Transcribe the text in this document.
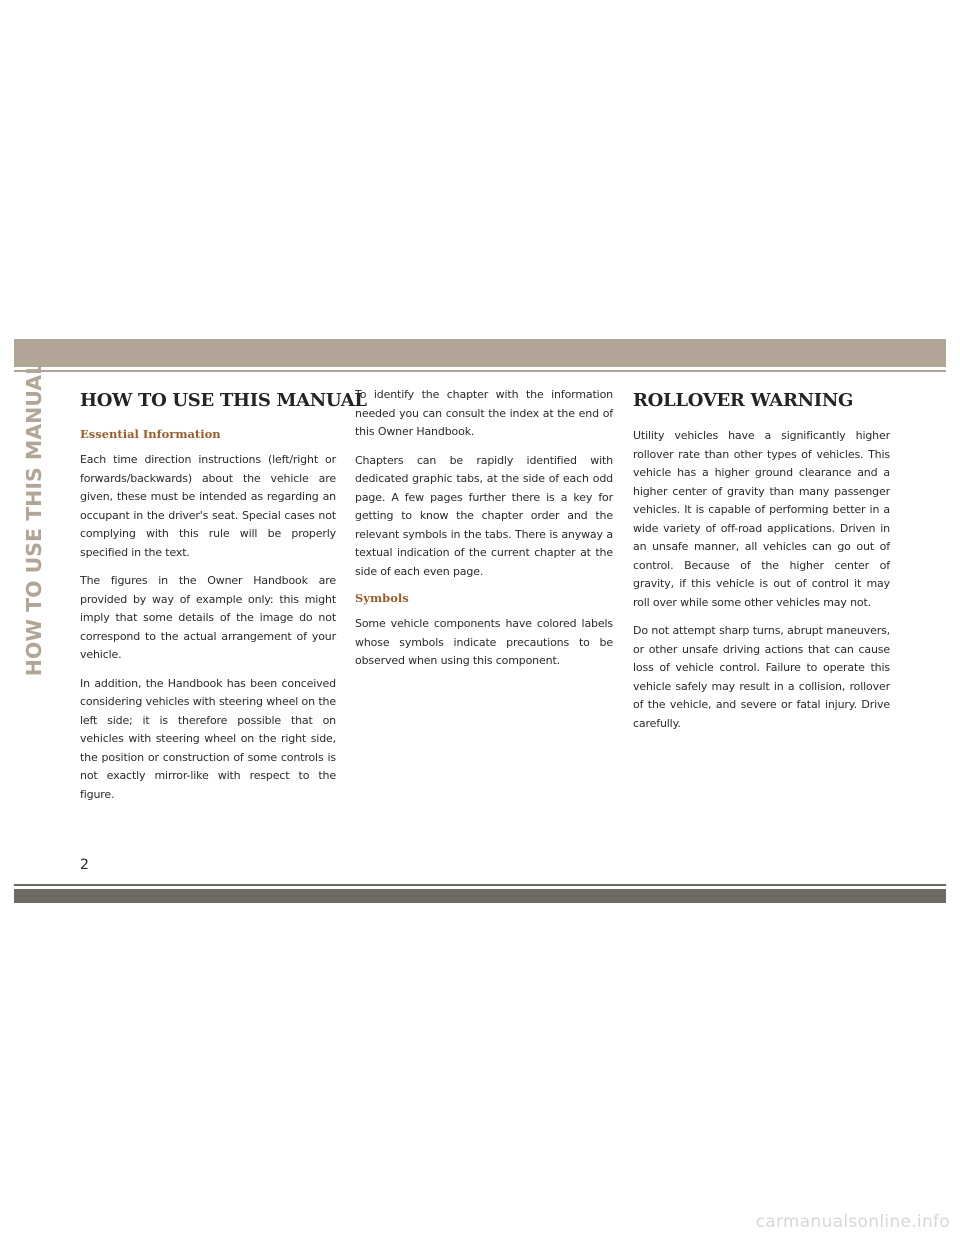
HOW TO USE THIS MANUAL HOW TO USE THIS MANUAL
Essential Information

Each time direction instructions (left/right or forwards/backwards) about the vehicle are given, these must be intended as regarding an occupant in the driver's seat. Special cases not complying with this rule will be properly specified in the text.

The figures in the Owner Handbook are provided by way of example only: this might imply that some details of the image do not correspond to the actual arrangement of your vehicle.

In addition, the Handbook has been conceived considering vehicles with steering wheel on the left side; it is therefore possible that on vehicles with steering wheel on the right side, the position or construction of some controls is not exactly mirror-like with respect to the figure.

To identify the chapter with the information needed you can consult the index at the end of this Owner Handbook.

Chapters can be rapidly identified with dedicated graphic tabs, at the side of each odd page. A few pages further there is a key for getting to know the chapter order and the relevant symbols in the tabs. There is anyway a textual indication of the current chapter at the side of each even page.

Symbols

Some vehicle components have colored labels whose symbols indicate precautions to be observed when using this component.

ROLLOVER WARNING

Utility vehicles have a significantly higher rollover rate than other types of vehicles. This vehicle has a higher ground clearance and a higher center of gravity than many passenger vehicles. It is capable of performing better in a wide variety of off-road applications. Driven in an unsafe manner, all vehicles can go out of control. Because of the higher center of gravity, if this vehicle is out of control it may roll over while some other vehicles may not.

Do not attempt sharp turns, abrupt maneuvers, or other unsafe driving actions that can cause loss of vehicle control. Failure to operate this vehicle safely may result in a collision, rollover of the vehicle, and severe or fatal injury. Drive carefully.

2
carmanualsonline.info
